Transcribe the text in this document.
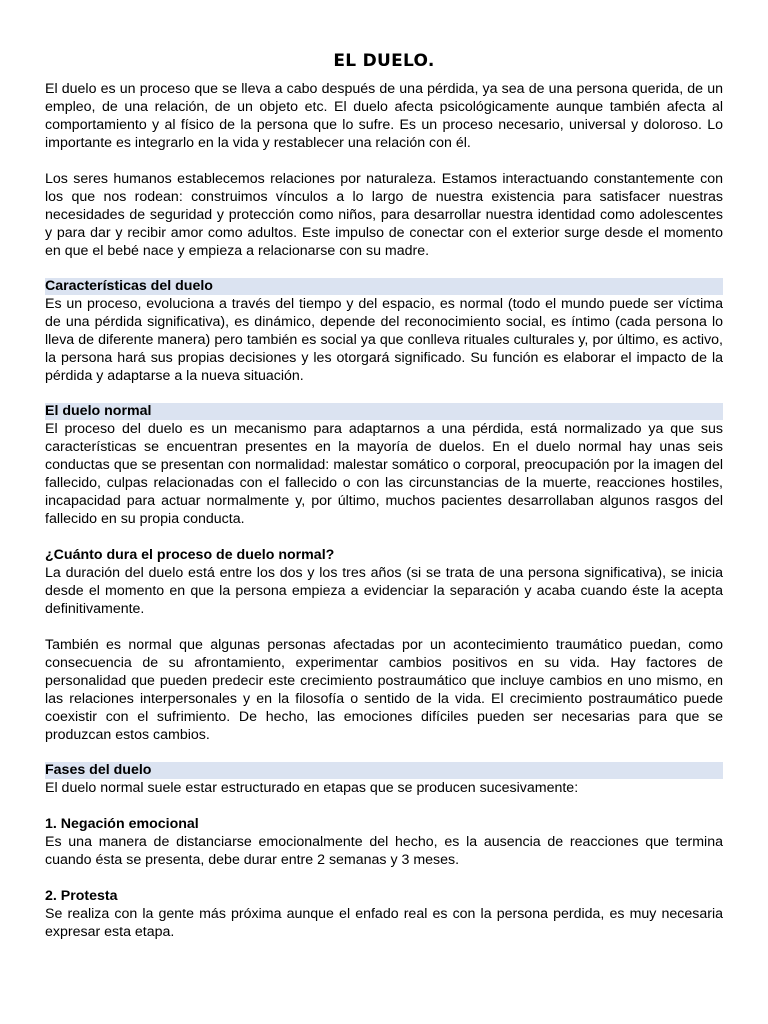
EL DUELO.

El duelo es un proceso que se lleva a cabo después de una pérdida, ya sea de una persona querida, de un empleo, de una relación, de un objeto etc. El duelo afecta psicológicamente aunque también afecta al comportamiento y al físico de la persona que lo sufre. Es un proceso necesario, universal y doloroso. Lo importante es integrarlo en la vida y restablecer una relación con él.

Los seres humanos establecemos relaciones por naturaleza. Estamos interactuando constantemente con los que nos rodean: construimos vínculos a lo largo de nuestra existencia para satisfacer nuestras necesidades de seguridad y protección como niños, para desarrollar nuestra identidad como adolescentes y para dar y recibir amor como adultos. Este impulso de conectar con el exterior surge desde el momento en que el bebé nace y empieza a relacionarse con su madre.

Características del duelo

Es un proceso, evoluciona a través del tiempo y del espacio, es normal (todo el mundo puede ser víctima de una pérdida significativa), es dinámico, depende del reconocimiento social, es íntimo (cada persona lo lleva de diferente manera) pero también es social ya que conlleva rituales culturales y, por último, es activo, la persona hará sus propias decisiones y les otorgará significado. Su función es elaborar el impacto de la pérdida y adaptarse a la nueva situación.

El duelo normal

El proceso del duelo es un mecanismo para adaptarnos a una pérdida, está normalizado ya que sus características se encuentran presentes en la mayoría de duelos. En el duelo normal hay unas seis conductas que se presentan con normalidad: malestar somático o corporal, preocupación por la imagen del fallecido, culpas relacionadas con el fallecido o con las circunstancias de la muerte, reacciones hostiles, incapacidad para actuar normalmente y, por último, muchos pacientes desarrollaban algunos rasgos del fallecido en su propia conducta.

¿Cuánto dura el proceso de duelo normal?

La duración del duelo está entre los dos y los tres años (si se trata de una persona significativa), se inicia desde el momento en que la persona empieza a evidenciar la separación y acaba cuando éste la acepta definitivamente.

También es normal que algunas personas afectadas por un acontecimiento traumático puedan, como consecuencia de su afrontamiento, experimentar cambios positivos en su vida. Hay factores de personalidad que pueden predecir este crecimiento postraumático que incluye cambios en uno mismo, en las relaciones interpersonales y en la filosofía o sentido de la vida. El crecimiento postraumático puede coexistir con el sufrimiento. De hecho, las emociones difíciles pueden ser necesarias para que se produzcan estos cambios.

Fases del duelo

El duelo normal suele estar estructurado en etapas que se producen sucesivamente:

1. Negación emocional

Es una manera de distanciarse emocionalmente del hecho, es la ausencia de reacciones que termina cuando ésta se presenta, debe durar entre 2 semanas y 3 meses.

2. Protesta

Se realiza con la gente más próxima aunque el enfado real es con la persona perdida, es muy necesaria expresar esta etapa.
